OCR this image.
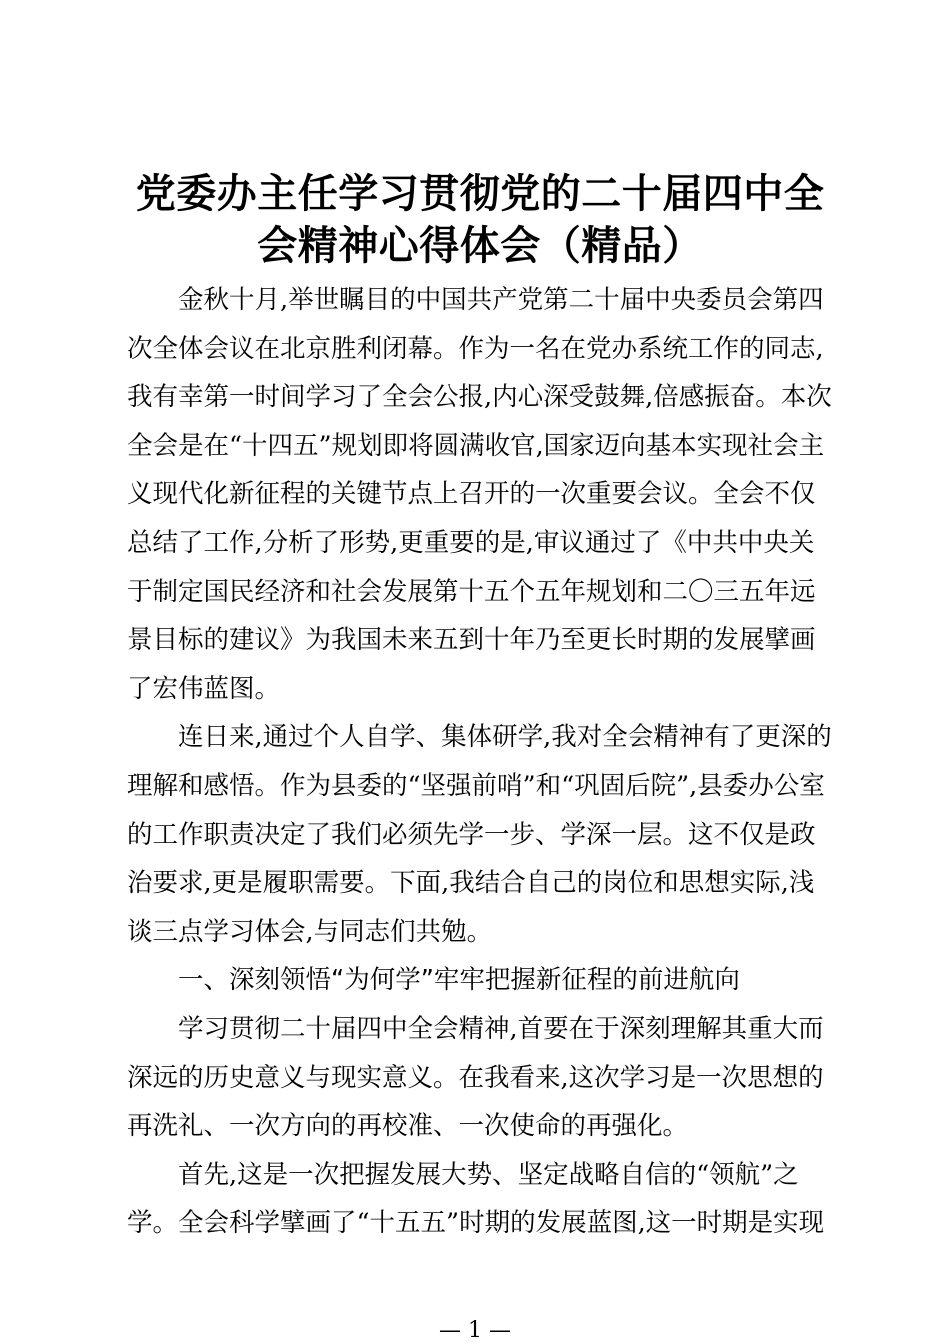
党委办主任学习贯彻党的二十届四中全
会精神心得体会（精品）
金秋十月,举世瞩目的中国共产党第二十届中央委员会第四
次全体会议在北京胜利闭幕。作为一名在党办系统工作的同志,
我有幸第一时间学习了全会公报,内心深受鼓舞,倍感振奋。本次
全会是在“十四五”规划即将圆满收官,国家迈向基本实现社会主
义现代化新征程的关键节点上召开的一次重要会议。全会不仅
总结了工作,分析了形势,更重要的是,审议通过了《中共中央关
于制定国民经济和社会发展第十五个五年规划和二〇三五年远
景目标的建议》为我国未来五到十年乃至更长时期的发展擘画
了宏伟蓝图。
连日来,通过个人自学、集体研学,我对全会精神有了更深的
理解和感悟。作为县委的“坚强前哨”和“巩固后院”,县委办公室
的工作职责决定了我们必须先学一步、学深一层。这不仅是政
治要求,更是履职需要。下面,我结合自己的岗位和思想实际,浅
谈三点学习体会,与同志们共勉。
一、深刻领悟“为何学”牢牢把握新征程的前进航向
学习贯彻二十届四中全会精神,首要在于深刻理解其重大而
深远的历史意义与现实意义。在我看来,这次学习是一次思想的
再洗礼、一次方向的再校准、一次使命的再强化。
首先,这是一次把握发展大势、坚定战略自信的“领航”之
学。全会科学擘画了“十五五”时期的发展蓝图,这一时期是实现
— 1 —
